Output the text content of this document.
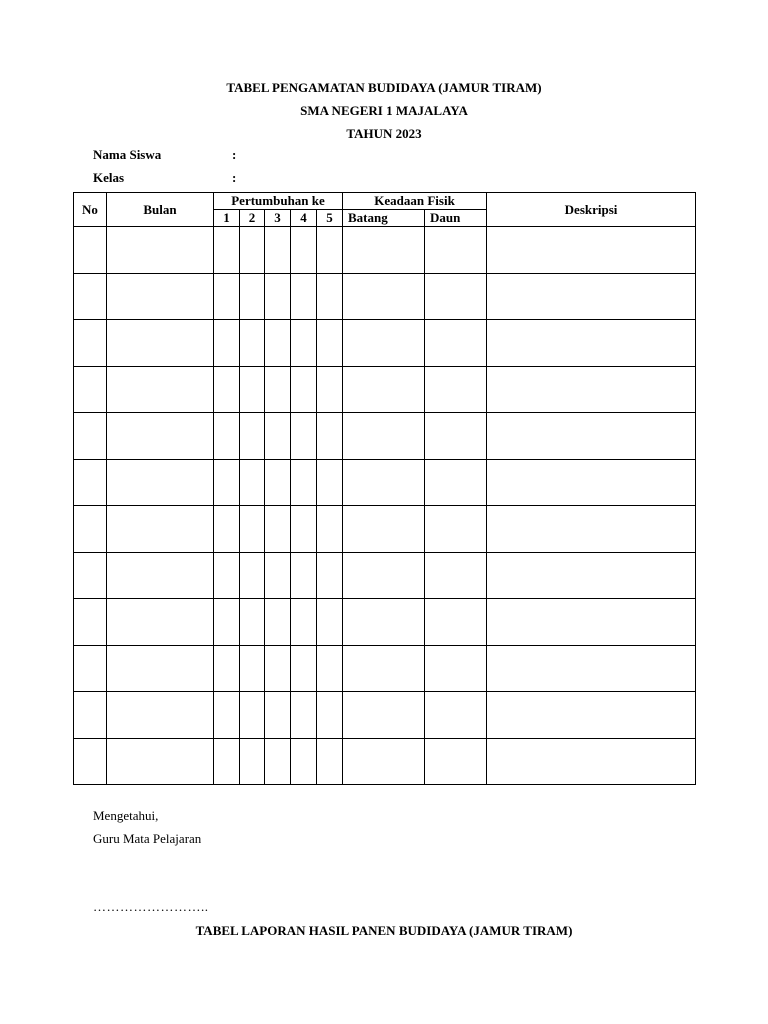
TABEL PENGAMATAN BUDIDAYA (JAMUR TIRAM)
SMA NEGERI 1 MAJALAYA
TAHUN 2023
Nama Siswa	:
Kelas	:
No	Bulan	Pertumbuhan ke					Keadaan Fisik		Deskripsi
		1	2	3	4	5	Batang	Daun	

Mengetahui,
Guru Mata Pelajaran
……………………..
TABEL LAPORAN HASIL PANEN BUDIDAYA (JAMUR TIRAM)
